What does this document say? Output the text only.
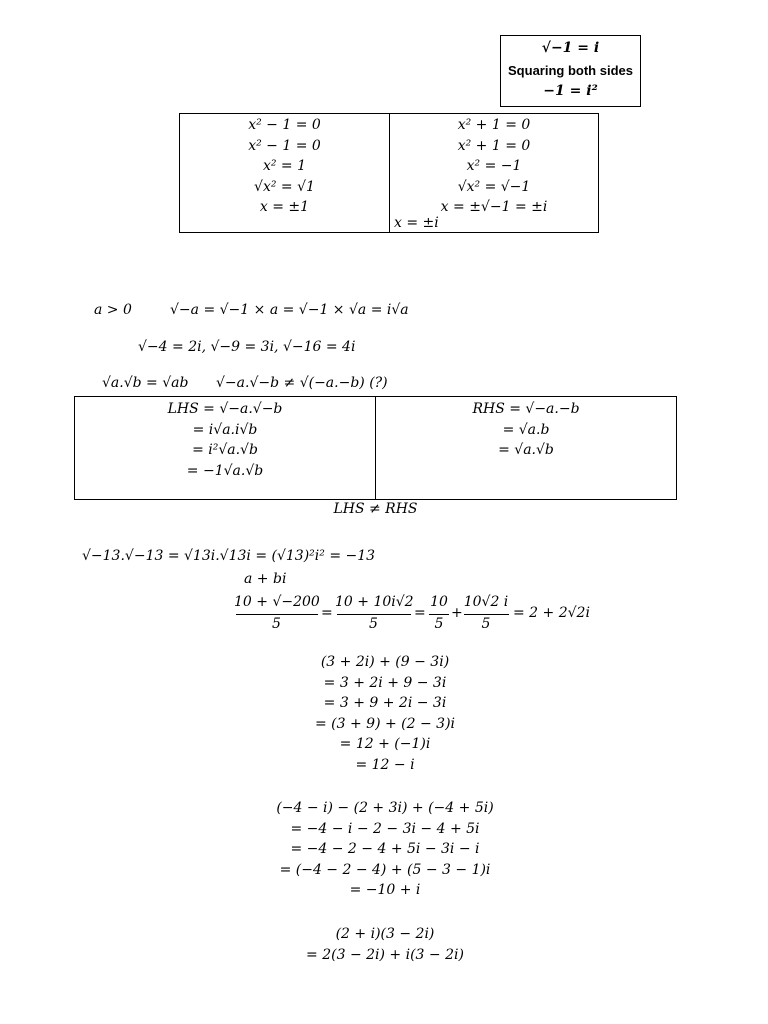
√−1 = i
Squaring both sides
−1 = i²
x² − 1 = 0
x² − 1 = 0
x² = 1
√x² = √1
x = ±1
x² + 1 = 0
x² + 1 = 0
x² = −1
√x² = √−1
x = ±√−1 = ±i
x = ±i
a > 0	√−a = √−1 × a = √−1 × √a = i√a
√−4 = 2i, √−9 = 3i, √−16 = 4i
√a.√b = √ab √−a.√−b ≠ √(−a.−b) (?)
LHS = √−a.√−b
= i√a.i√b
= i²√a.√b
= −1√a.√b
RHS = √−a.−b
= √a.b
= √a.√b
LHS ≠ RHS
√−13.√−13 = √13i.√13i = (√13)²i² = −13
a + bi
10 + √−200
5
=
10 + 10i√2
5
=
10
5
+
10√2 i
5
= 2 + 2√2i
(3 + 2i) + (9 − 3i)
= 3 + 2i + 9 − 3i
= 3 + 9 + 2i − 3i
= (3 + 9) + (2 − 3)i
= 12 + (−1)i
= 12 − i
(−4 − i) − (2 + 3i) + (−4 + 5i)
= −4 − i − 2 − 3i − 4 + 5i
= −4 − 2 − 4 + 5i − 3i − i
= (−4 − 2 − 4) + (5 − 3 − 1)i
= −10 + i
(2 + i)(3 − 2i)
= 2(3 − 2i) + i(3 − 2i)
